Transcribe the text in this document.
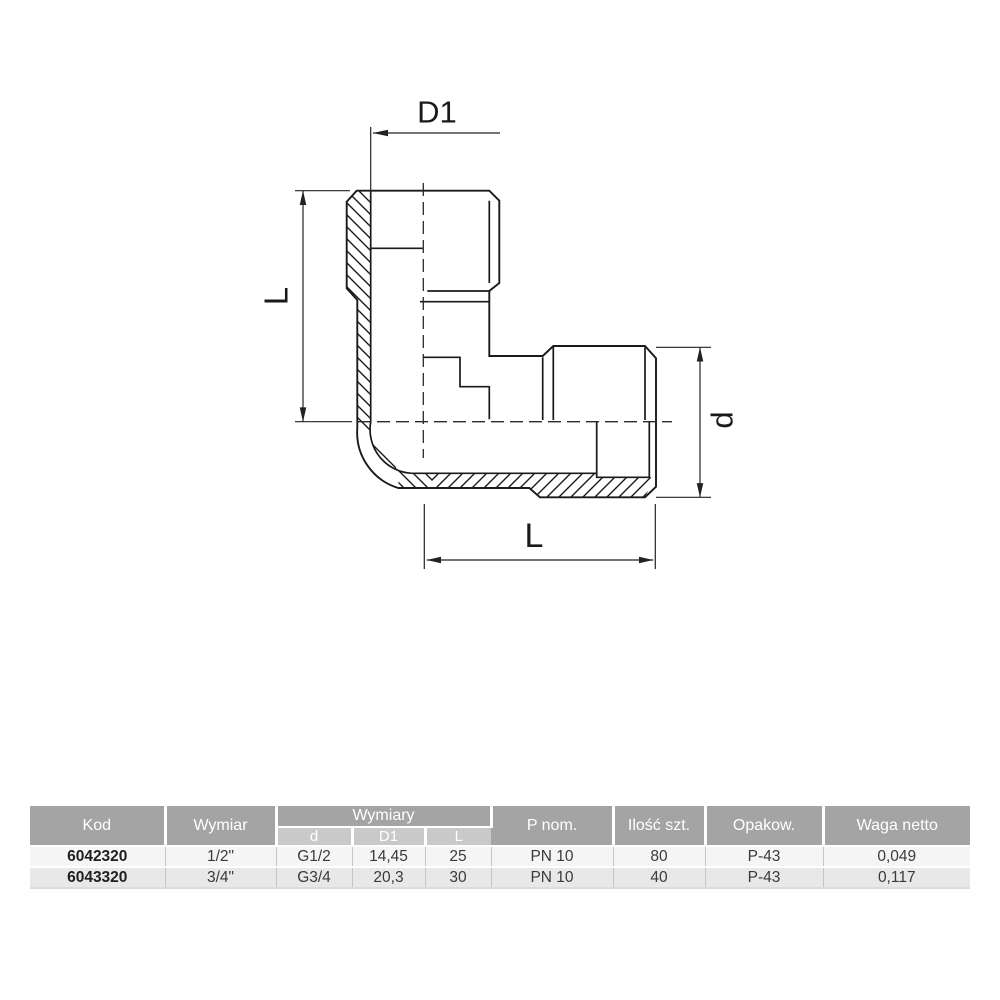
D1
L
d
L
Kod	Wymiar	Wymiary			P nom.	Ilość szt.	Opakow.	Waga netto
		d	D1	L				
6042320	1/2"	G1/2	14,45	25	PN 10	80	P-43	0,049
6043320	3/4"	G3/4	20,3	30	PN 10	40	P-43	0,117
